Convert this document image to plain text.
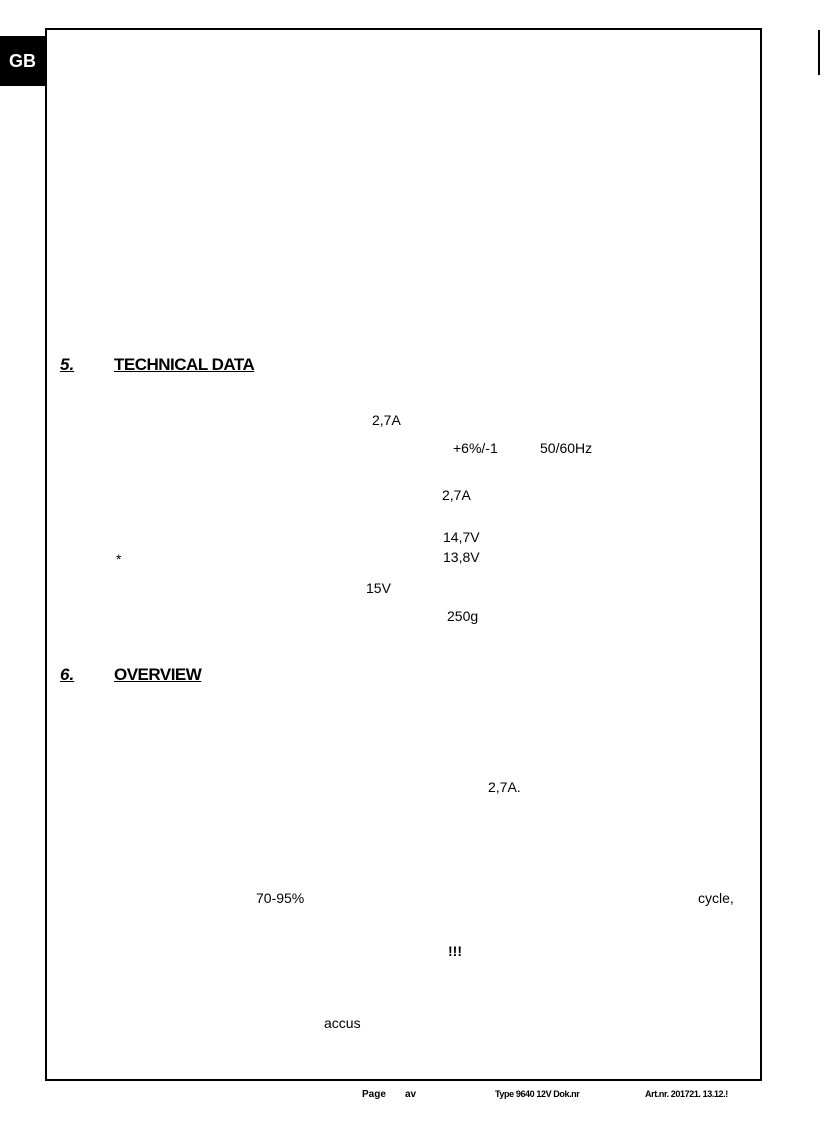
GB
5. TECHNICAL DATA
2,7A
+6%/-1	50/60Hz
2,7A
14,7V
*	13,8V
15V
250g
6. OVERVIEW
2,7A.
70-95%	cycle,
!!!
accus
Page av	Type 9640 12V Dok.nr	Art.nr. 201721. 13.12.!
